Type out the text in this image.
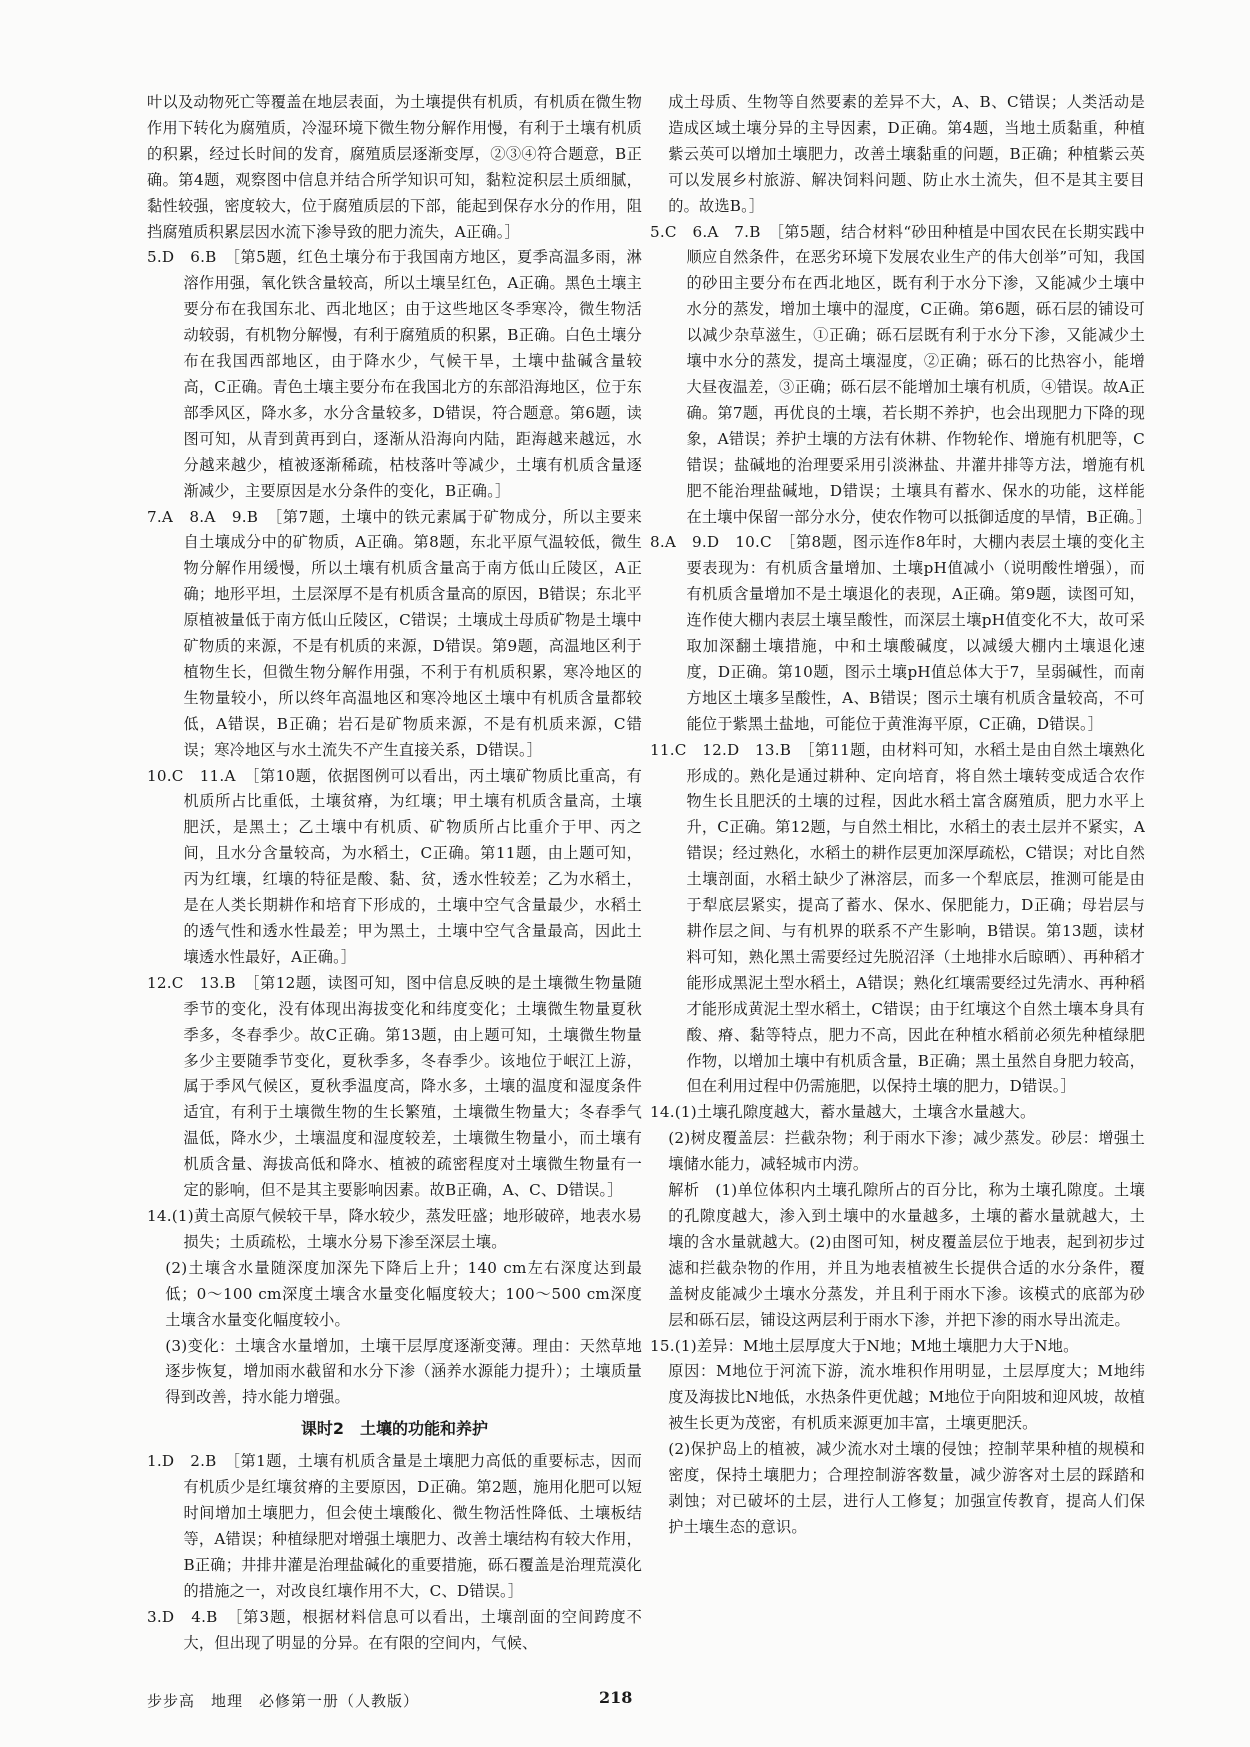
叶以及动物死亡等覆盖在地层表面，为土壤提供有机质，有机质在微生物作用下转化为腐殖质，冷湿环境下微生物分解作用慢，有利于土壤有机质的积累，经过长时间的发育，腐殖质层逐渐变厚，②③④符合题意，B正确。第4题，观察图中信息并结合所学知识可知，黏粒淀积层土质细腻，黏性较强，密度较大，位于腐殖质层的下部，能起到保存水分的作用，阻挡腐殖质积累层因水流下渗导致的肥力流失，A正确。］

5.D　6.B　［第5题，红色土壤分布于我国南方地区，夏季高温多雨，淋溶作用强，氧化铁含量较高，所以土壤呈红色，A正确。黑色土壤主要分布在我国东北、西北地区；由于这些地区冬季寒冷，微生物活动较弱，有机物分解慢，有利于腐殖质的积累，B正确。白色土壤分布在我国西部地区，由于降水少，气候干旱，土壤中盐碱含量较高，C正确。青色土壤主要分布在我国北方的东部沿海地区，位于东部季风区，降水多，水分含量较多，D错误，符合题意。第6题，读图可知，从青到黄再到白，逐渐从沿海向内陆，距海越来越远，水分越来越少，植被逐渐稀疏，枯枝落叶等减少，土壤有机质含量逐渐减少，主要原因是水分条件的变化，B正确。］

7.A　8.A　9.B　［第7题，土壤中的铁元素属于矿物成分，所以主要来自土壤成分中的矿物质，A正确。第8题，东北平原气温较低，微生物分解作用缓慢，所以土壤有机质含量高于南方低山丘陵区，A正确；地形平坦，土层深厚不是有机质含量高的原因，B错误；东北平原植被量低于南方低山丘陵区，C错误；土壤成土母质矿物是土壤中矿物质的来源，不是有机质的来源，D错误。第9题，高温地区利于植物生长，但微生物分解作用强，不利于有机质积累，寒冷地区的生物量较小，所以终年高温地区和寒冷地区土壤中有机质含量都较低，A错误，B正确；岩石是矿物质来源，不是有机质来源，C错误；寒冷地区与水土流失不产生直接关系，D错误。］

10.C　11.A　［第10题，依据图例可以看出，丙土壤矿物质比重高，有机质所占比重低，土壤贫瘠，为红壤；甲土壤有机质含量高，土壤肥沃，是黑土；乙土壤中有机质、矿物质所占比重介于甲、丙之间，且水分含量较高，为水稻土，C正确。第11题，由上题可知，丙为红壤，红壤的特征是酸、黏、贫，透水性较差；乙为水稻土，是在人类长期耕作和培育下形成的，土壤中空气含量最少，水稻土的透气性和透水性最差；甲为黑土，土壤中空气含量最高，因此土壤透水性最好，A正确。］

12.C　13.B　［第12题，读图可知，图中信息反映的是土壤微生物量随季节的变化，没有体现出海拔变化和纬度变化；土壤微生物量夏秋季多，冬春季少。故C正确。第13题，由上题可知，土壤微生物量多少主要随季节变化，夏秋季多，冬春季少。该地位于岷江上游，属于季风气候区，夏秋季温度高，降水多，土壤的温度和湿度条件适宜，有利于土壤微生物的生长繁殖，土壤微生物量大；冬春季气温低，降水少，土壤温度和湿度较差，土壤微生物量小，而土壤有机质含量、海拔高低和降水、植被的疏密程度对土壤微生物量有一定的影响，但不是其主要影响因素。故B正确，A、C、D错误。］

14.(1)黄土高原气候较干旱，降水较少，蒸发旺盛；地形破碎，地表水易损失；土质疏松，土壤水分易下渗至深层土壤。

(2)土壤含水量随深度加深先下降后上升；140 cm左右深度达到最低；0～100 cm深度土壤含水量变化幅度较大；100～500 cm深度土壤含水量变化幅度较小。

(3)变化：土壤含水量增加，土壤干层厚度逐渐变薄。理由：天然草地逐步恢复，增加雨水截留和水分下渗（涵养水源能力提升）；土壤质量得到改善，持水能力增强。

课时2　土壤的功能和养护

1.D　2.B　［第1题，土壤有机质含量是土壤肥力高低的重要标志，因而有机质少是红壤贫瘠的主要原因，D正确。第2题，施用化肥可以短时间增加土壤肥力，但会使土壤酸化、微生物活性降低、土壤板结等，A错误；种植绿肥对增强土壤肥力、改善土壤结构有较大作用，B正确；井排井灌是治理盐碱化的重要措施，砾石覆盖是治理荒漠化的措施之一，对改良红壤作用不大，C、D错误。］

3.D　4.B　［第3题，根据材料信息可以看出，土壤剖面的空间跨度不大，但出现了明显的分异。在有限的空间内，气候、

成土母质、生物等自然要素的差异不大，A、B、C错误；人类活动是造成区域土壤分异的主导因素，D正确。第4题，当地土质黏重，种植紫云英可以增加土壤肥力，改善土壤黏重的问题，B正确；种植紫云英可以发展乡村旅游、解决饲料问题、防止水土流失，但不是其主要目的。故选B。］

5.C　6.A　7.B　［第5题，结合材料“砂田种植是中国农民在长期实践中顺应自然条件，在恶劣环境下发展农业生产的伟大创举”可知，我国的砂田主要分布在西北地区，既有利于水分下渗，又能减少土壤中水分的蒸发，增加土壤中的湿度，C正确。第6题，砾石层的铺设可以减少杂草滋生，①正确；砾石层既有利于水分下渗，又能减少土壤中水分的蒸发，提高土壤湿度，②正确；砾石的比热容小，能增大昼夜温差，③正确；砾石层不能增加土壤有机质，④错误。故A正确。第7题，再优良的土壤，若长期不养护，也会出现肥力下降的现象，A错误；养护土壤的方法有休耕、作物轮作、增施有机肥等，C错误；盐碱地的治理要采用引淡淋盐、井灌井排等方法，增施有机肥不能治理盐碱地，D错误；土壤具有蓄水、保水的功能，这样能在土壤中保留一部分水分，使农作物可以抵御适度的旱情，B正确。］

8.A　9.D　10.C　［第8题，图示连作8年时，大棚内表层土壤的变化主要表现为：有机质含量增加、土壤pH值减小（说明酸性增强），而有机质含量增加不是土壤退化的表现，A正确。第9题，读图可知，连作使大棚内表层土壤呈酸性，而深层土壤pH值变化不大，故可采取加深翻土壤措施，中和土壤酸碱度，以减缓大棚内土壤退化速度，D正确。第10题，图示土壤pH值总体大于7，呈弱碱性，而南方地区土壤多呈酸性，A、B错误；图示土壤有机质含量较高，不可能位于紫黑土盐地，可能位于黄淮海平原，C正确，D错误。］

11.C　12.D　13.B　［第11题，由材料可知，水稻土是由自然土壤熟化形成的。熟化是通过耕种、定向培育，将自然土壤转变成适合农作物生长且肥沃的土壤的过程，因此水稻土富含腐殖质，肥力水平上升，C正确。第12题，与自然土相比，水稻土的表土层并不紧实，A错误；经过熟化，水稻土的耕作层更加深厚疏松，C错误；对比自然土壤剖面，水稻土缺少了淋溶层，而多一个犁底层，推测可能是由于犁底层紧实，提高了蓄水、保水、保肥能力，D正确；母岩层与耕作层之间、与有机界的联系不产生影响，B错误。第13题，读材料可知，熟化黑土需要经过先脱沼泽（土地排水后晾晒）、再种稻才能形成黑泥土型水稻土，A错误；熟化红壤需要经过先淸水、再种稻才能形成黄泥土型水稻土，C错误；由于红壤这个自然土壤本身具有酸、瘠、黏等特点，肥力不高，因此在种植水稻前必须先种植绿肥作物，以增加土壤中有机质含量，B正确；黑土虽然自身肥力较高，但在利用过程中仍需施肥，以保持土壤的肥力，D错误。］

14.(1)土壤孔隙度越大，蓄水量越大，土壤含水量越大。

(2)树皮覆盖层：拦截杂物；利于雨水下渗；减少蒸发。砂层：增强土壤储水能力，减轻城市内涝。

解析　(1)单位体积内土壤孔隙所占的百分比，称为土壤孔隙度。土壤的孔隙度越大，渗入到土壤中的水量越多，土壤的蓄水量就越大，土壤的含水量就越大。(2)由图可知，树皮覆盖层位于地表，起到初步过滤和拦截杂物的作用，并且为地表植被生长提供合适的水分条件，覆盖树皮能减少土壤水分蒸发，并且利于雨水下渗。该模式的底部为砂层和砾石层，铺设这两层利于雨水下渗，并把下渗的雨水导出流走。

15.(1)差异：M地土层厚度大于N地；M地土壤肥力大于N地。

原因：M地位于河流下游，流水堆积作用明显，土层厚度大；M地纬度及海拔比N地低，水热条件更优越；M地位于向阳坡和迎风坡，故植被生长更为茂密，有机质来源更加丰富，土壤更肥沃。

(2)保护岛上的植被，减少流水对土壤的侵蚀；控制苹果种植的规模和密度，保持土壤肥力；合理控制游客数量，减少游客对土层的踩踏和剥蚀；对已破坏的土层，进行人工修复；加强宣传教育，提高人们保护土壤生态的意识。

步步高　地理　必修第一册（人教版）	218
